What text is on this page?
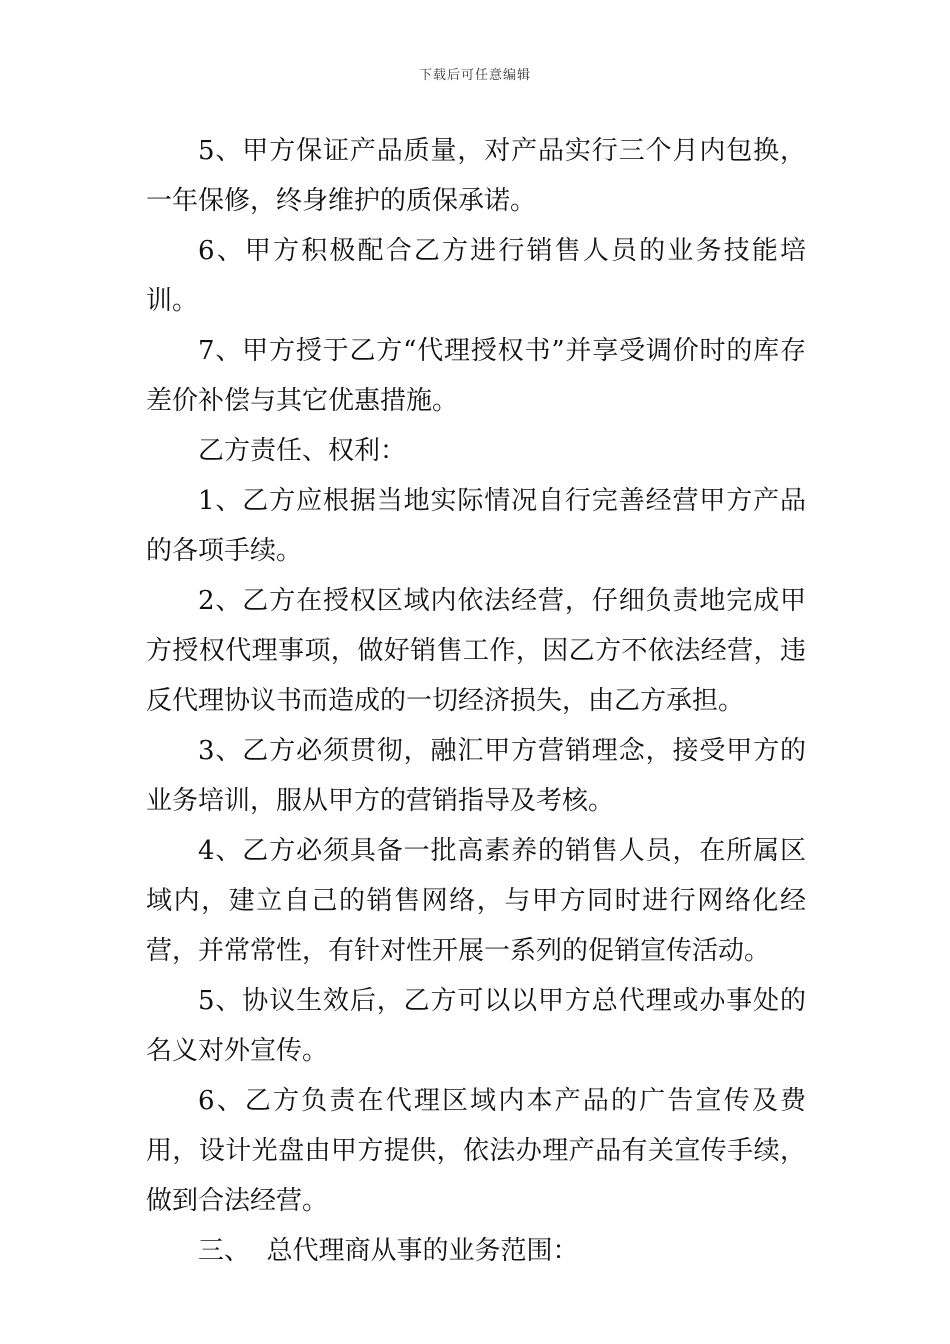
下载后可任意编辑

5、甲方保证产品质量，对产品实行三个月内包换，一年保修，终身维护的质保承诺。

6、甲方积极配合乙方进行销售人员的业务技能培训。

7、甲方授于乙方“代理授权书”并享受调价时的库存差价补偿与其它优惠措施。

乙方责任、权利：

1、乙方应根据当地实际情况自行完善经营甲方产品的各项手续。

2、乙方在授权区域内依法经营，仔细负责地完成甲方授权代理事项，做好销售工作，因乙方不依法经营，违反代理协议书而造成的一切经济损失，由乙方承担。

3、乙方必须贯彻，融汇甲方营销理念，接受甲方的业务培训，服从甲方的营销指导及考核。

4、乙方必须具备一批高素养的销售人员，在所属区域内，建立自己的销售网络，与甲方同时进行网络化经营，并常常性，有针对性开展一系列的促销宣传活动。

5、协议生效后，乙方可以以甲方总代理或办事处的名义对外宣传。

6、乙方负责在代理区域内本产品的广告宣传及费用，设计光盘由甲方提供，依法办理产品有关宣传手续，做到合法经营。

三、  总代理商从事的业务范围：
